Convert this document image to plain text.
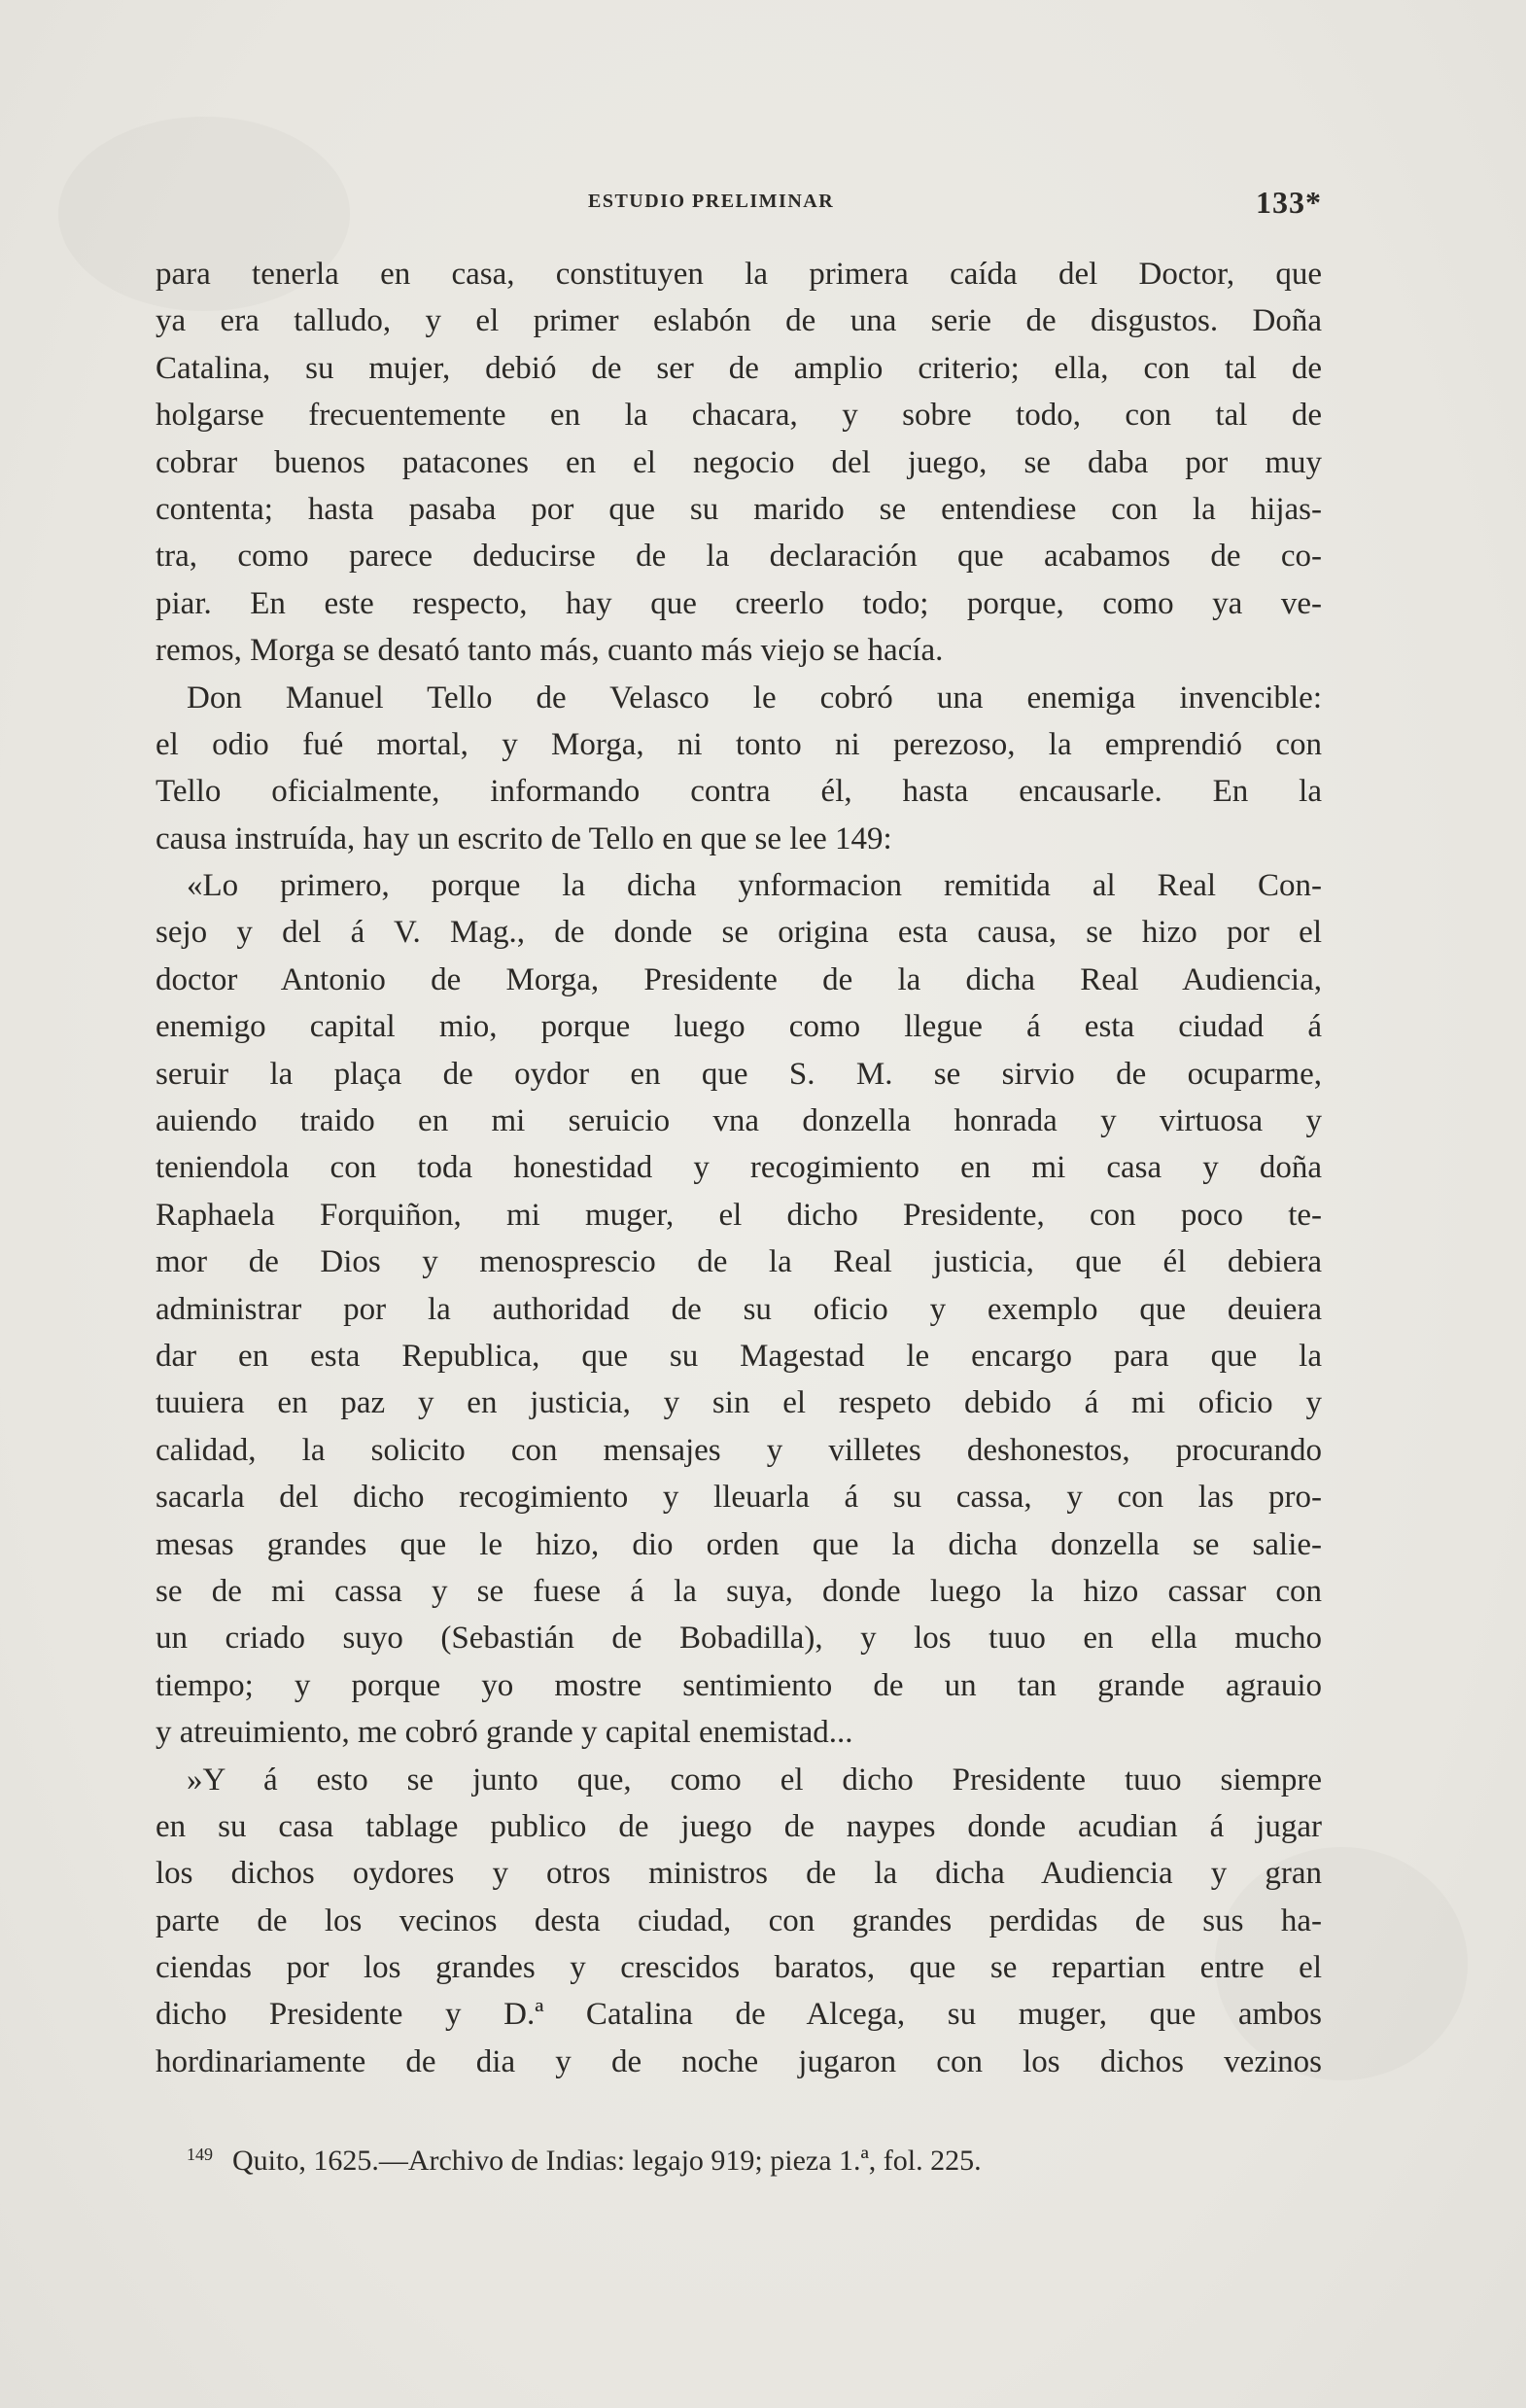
ESTUDIO PRELIMINAR	133*
para tenerla en casa, constituyen la primera caída del Doctor, que
ya era talludo, y el primer eslabón de una serie de disgustos. Doña
Catalina, su mujer, debió de ser de amplio criterio; ella, con tal de
holgarse frecuentemente en la chacara, y sobre todo, con tal de
cobrar buenos patacones en el negocio del juego, se daba por muy
contenta; hasta pasaba por que su marido se entendiese con la hijas-
tra, como parece deducirse de la declaración que acabamos de co-
piar. En este respecto, hay que creerlo todo; porque, como ya ve-
remos, Morga se desató tanto más, cuanto más viejo se hacía.
Don Manuel Tello de Velasco le cobró una enemiga invencible:
el odio fué mortal, y Morga, ni tonto ni perezoso, la emprendió con
Tello oficialmente, informando contra él, hasta encausarle. En la
causa instruída, hay un escrito de Tello en que se lee 149:
«Lo primero, porque la dicha ynformacion remitida al Real Con-
sejo y del á V. Mag., de donde se origina esta causa, se hizo por el
doctor Antonio de Morga, Presidente de la dicha Real Audiencia,
enemigo capital mio, porque luego como llegue á esta ciudad á
seruir la plaça de oydor en que S. M. se sirvio de ocuparme,
auiendo traido en mi seruicio vna donzella honrada y virtuosa y
teniendola con toda honestidad y recogimiento en mi casa y doña
Raphaela Forquiñon, mi muger, el dicho Presidente, con poco te-
mor de Dios y menosprescio de la Real justicia, que él debiera
administrar por la authoridad de su oficio y exemplo que deuiera
dar en esta Republica, que su Magestad le encargo para que la
tuuiera en paz y en justicia, y sin el respeto debido á mi oficio y
calidad, la solicito con mensajes y villetes deshonestos, procurando
sacarla del dicho recogimiento y lleuarla á su cassa, y con las pro-
mesas grandes que le hizo, dio orden que la dicha donzella se salie-
se de mi cassa y se fuese á la suya, donde luego la hizo cassar con
un criado suyo (Sebastián de Bobadilla), y los tuuo en ella mucho
tiempo; y porque yo mostre sentimiento de un tan grande agrauio
y atreuimiento, me cobró grande y capital enemistad...
»Y á esto se junto que, como el dicho Presidente tuuo siempre
en su casa tablage publico de juego de naypes donde acudian á jugar
los dichos oydores y otros ministros de la dicha Audiencia y gran
parte de los vecinos desta ciudad, con grandes perdidas de sus ha-
ciendas por los grandes y crescidos baratos, que se repartian entre el
dicho Presidente y D.ª Catalina de Alcega, su muger, que ambos
hordinariamente de dia y de noche jugaron con los dichos vezinos
$^{149}$ Quito, 1625.—Archivo de Indias: legajo 919; pieza 1.ª, fol. 225.
